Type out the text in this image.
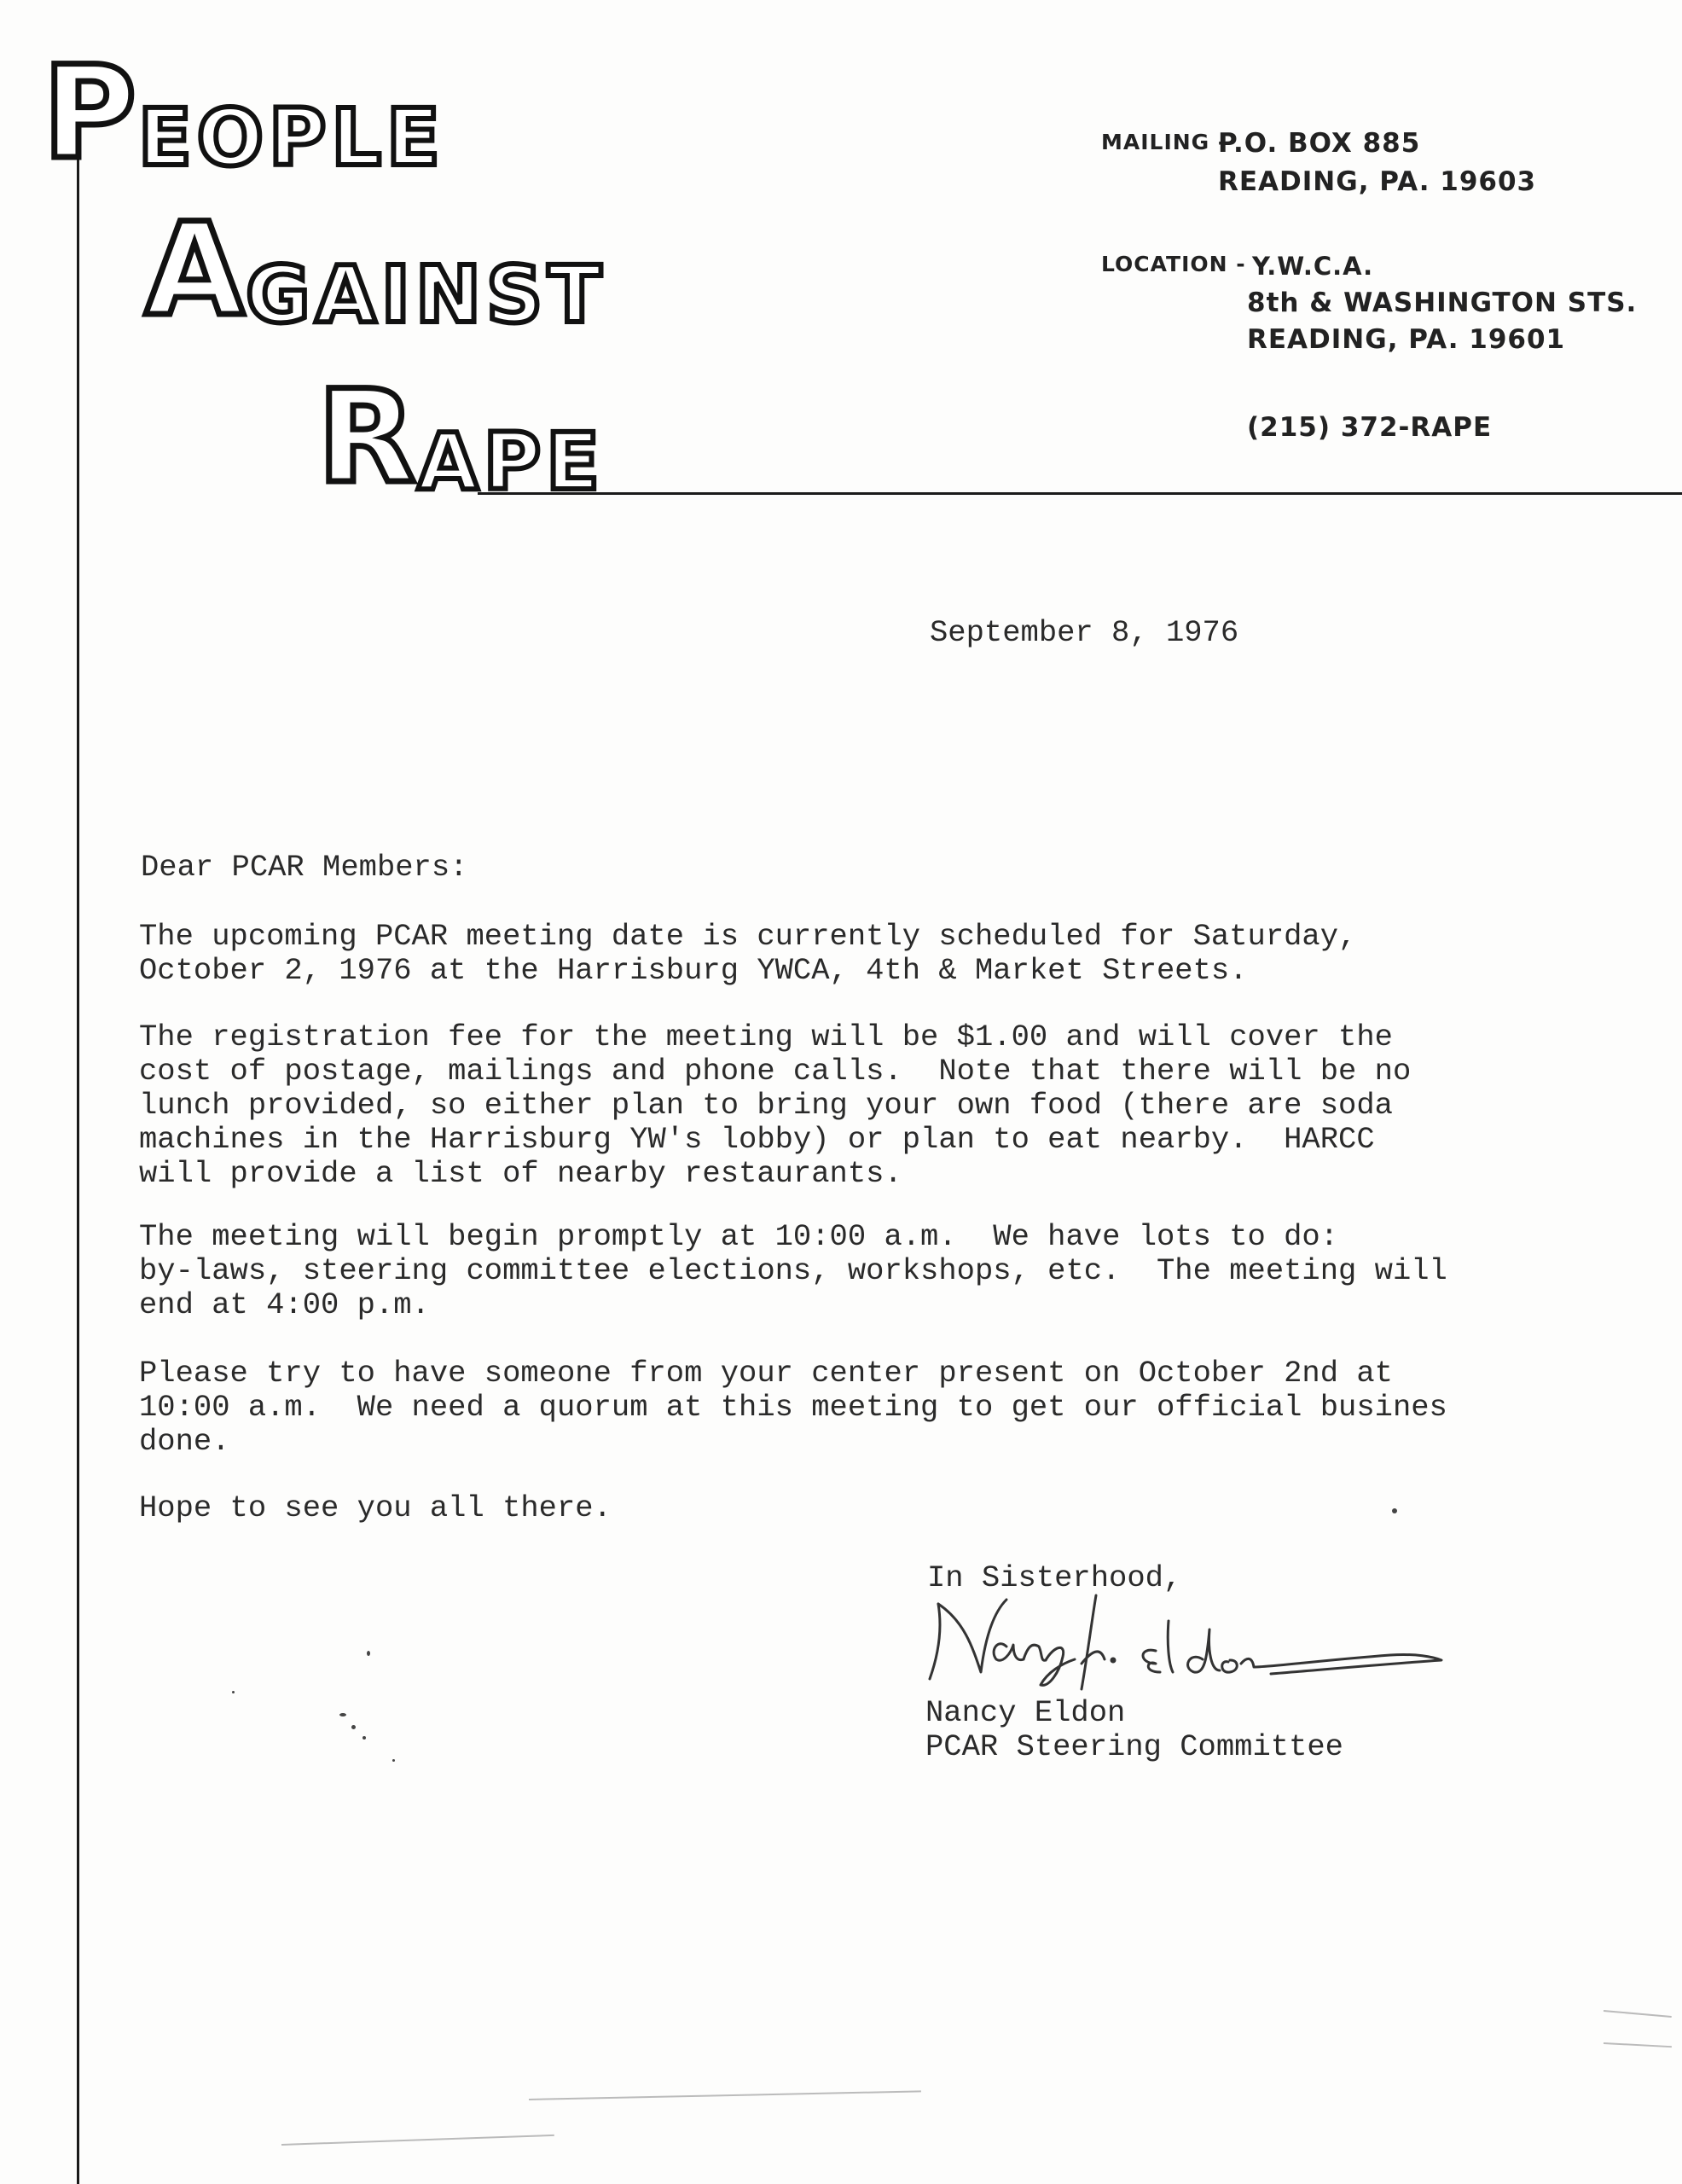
PEOPLE
AGAINST
RAPE
MAILING -
P.O. BOX 885
READING, PA. 19603
LOCATION - Y.W.C.A.
8th & WASHINGTON STS.
READING, PA. 19601
(215) 372-RAPE
September 8, 1976
Dear PCAR Members:
The upcoming PCAR meeting date is currently scheduled for Saturday,
October 2, 1976 at the Harrisburg YWCA, 4th & Market Streets.
The registration fee for the meeting will be $1.00 and will cover the
cost of postage, mailings and phone calls.  Note that there will be no
lunch provided, so either plan to bring your own food (there are soda
machines in the Harrisburg YW's lobby) or plan to eat nearby.  HARCC
will provide a list of nearby restaurants.
The meeting will begin promptly at 10:00 a.m.  We have lots to do:
by-laws, steering committee elections, workshops, etc.  The meeting will
end at 4:00 p.m.
Please try to have someone from your center present on October 2nd at
10:00 a.m.  We need a quorum at this meeting to get our official busines
done.
Hope to see you all there.
In Sisterhood,
Nancy Eldon
PCAR Steering Committee
